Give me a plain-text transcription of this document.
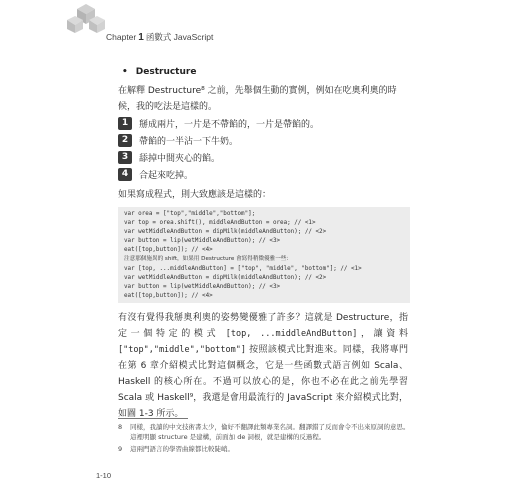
Chapter 1 函數式 JavaScript
• Destructure
在解釋 Destructure⁸ 之前，先舉個生動的實例，例如在吃奧利奧的時候，我的吃法是這樣的。
1	掰成兩片，一片是不帶餡的，一片是帶餡的。
2	帶餡的一半沾一下牛奶。
3	舔掉中間夾心的餡。
4	合起來吃掉。
如果寫成程式，則大致應該是這樣的：
var orea = ["top","middle","bottom"];
var top = orea.shift(), middleAndButton = orea; // <1>
var wetMiddleAndButton = dipMilk(middleAndButton); // <2>
var button = lip(wetMiddleAndButton); // <3>
eat([top,button]); // <4>
注意那個施異的 shift，如果用 Destructure 會寫得稍微優雅一些：
var [top, ...middleAndButton] = ["top", "middle", "bottom"]; // <1>
var wetMiddleAndButton = dipMilk(middleAndButton); // <2>
var button = lip(wetMiddleAndButton); // <3>
eat([top,button]); // <4>
有沒有覺得我掰奧利奧的姿勢變優雅了許多？這就是 Destructure，指定一個特定的模式 [top, ...middleAndButton]，讓資料 ["top","middle","bottom"] 按照該模式比對進來。同樣，我將專門在第 6 章介紹模式比對這個概念，它是一些函數式語言例如 Scala、Haskell 的核心所在。不過可以放心的是，你也不必在此之前先學習 Scala 或 Haskell⁹，我還是會用最流行的 JavaScript 來介紹模式比對，如圖 1-3 所示。
8	同樣，我讀的中文技術書太少，倫好不翻譯此類專業名詞。翻譯錯了反而會令不出來原詞的意思。這裡明顯 structure 是建構，前面加 de 詞根，就是建構的反過程。
9	這兩門語言的學習曲線都比較陡峭。
1-10
